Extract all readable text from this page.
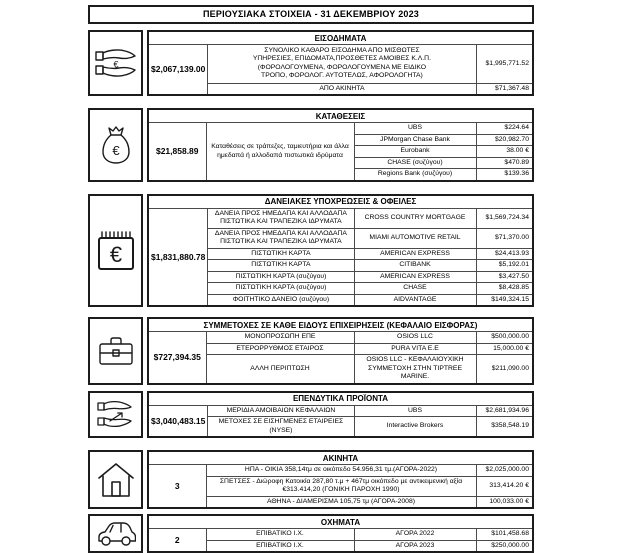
ΠΕΡΙΟΥΣΙΑΚΑ ΣΤΟΙΧΕΙΑ - 31 ΔΕΚΕΜΒΡΙΟΥ 2023
€
ΕΙΣΟΔΗΜΑΤΑ		
$2,067,139.00	ΣΥΝΟΛΙΚΟ ΚΑΘΑΡΟ ΕΙΣΟΔΗΜΑ ΑΠΟ ΜΙΣΘΩΤΕΣ ΥΠΗΡΕΣΙΕΣ, ΕΠΙΔΟΜΑΤΑ,ΠΡΟΣΘΕΤΕΣ ΑΜΟΙΒΕΣ Κ.Λ.Π.(ΦΟΡΟΛΟΓΟΥΜΕΝΑ, ΦΟΡΟΛΟΓΟΥΜΕΝΑ ΜΕ ΕΙΔΙΚΟ ΤΡΟΠΟ, ΦΟΡΟΛΟΓ. ΑΥΤΟΤΕΛΩΣ, ΑΦΟΡΟΛΟΓΗΤΑ)	$1,995,771.52
	ΑΠΟ ΑΚΙΝΗΤΑ	$71,367.48
€
ΚΑΤΑΘΕΣΕΙΣ			
$21,858.89	Καταθέσεις σε τράπεζες, ταμιευτήρια και άλλα ημεδαπά ή αλλοδαπά πιστωτικά ιδρύματα	UBS	$224.64
		JPMorgan Chase Bank	$20,982.70
		Eurobank	38.00 €
		CHASE (συζύγου)	$470.89
		Regions Bank (συζύγου)	$139.36
€
ΔΑΝΕΙΑΚΕΣ ΥΠΟΧΡΕΩΣΕΙΣ & ΟΦΕΙΛΕΣ			
$1,831,880.78	ΔΑΝΕΙΑ ΠΡΟΣ ΗΜΕΔΑΠΑ ΚΑΙ ΑΛΛΟΔΑΠΑ ΠΙΣΤΩΤΙΚΑ ΚΑΙ ΤΡΑΠΕΖΙΚΑ ΙΔΡΥΜΑΤΑ	CROSS COUNTRY MORTGAGE	$1,569,724.34
	ΔΑΝΕΙΑ ΠΡΟΣ ΗΜΕΔΑΠΑ ΚΑΙ ΑΛΛΟΔΑΠΑ ΠΙΣΤΩΤΙΚΑ ΚΑΙ ΤΡΑΠΕΖΙΚΑ ΙΔΡΥΜΑΤΑ	MIAMI AUTOMOTIVE RETAIL	$71,370.00
	ΠΙΣΤΩΤΙΚΗ ΚΑΡΤΑ	AMERICAN EXPRESS	$24,413.93
	ΠΙΣΤΩΤΙΚΗ ΚΑΡΤΑ	CITIBANK	$5,192.01
	ΠΙΣΤΩΤΙΚΗ ΚΑΡΤΑ (συζύγου)	AMERICAN EXPRESS	$3,427.50
	ΠΙΣΤΩΤΙΚΗ ΚΑΡΤΑ (συζύγου)	CHASE	$8,428.85
	ΦΟΙΤΗΤΙΚΟ ΔΑΝΕΙΟ (συζύγου)	AIDVANTAGE	$149,324.15
ΣΥΜΜΕΤΟΧΕΣ ΣΕ ΚΑΘΕ ΕΙΔΟΥΣ ΕΠΙΧΕΙΡΗΣΕΙΣ (ΚΕΦΑΛΑΙΟ ΕΙΣΦΟΡΑΣ)			
$727,394.35	ΜΟΝΟΠΡΟΣΩΠΗ ΕΠΕ	OSIOS LLC	$500,000.00
	ΕΤΕΡΟΡΡΥΘΜΟΣ ΕΤΑΙΡΟΣ	PURA VITA E.E	15,000.00 €
	ΑΛΛΗ ΠΕΡΙΠΤΩΣΗ	OSIOS LLC - ΚΕΦΑΛΑΙΟΥΧΙΚΗ ΣΥΜΜΕΤΟΧΗ ΣΤΗΝ TIPTREE MARINE.	$211,090.00
ΕΠΕΝΔΥΤΙΚΑ ΠΡΟΪΟΝΤΑ			
$3,040,483.15	ΜΕΡΙΔΙΑ ΑΜΟΙΒΑΙΩΝ ΚΕΦΑΛΑΙΩΝ	UBS	$2,681,934.96
	ΜΕΤΟΧΕΣ ΣΕ ΕΙΣΗΓΜΕΝΕΣ ΕΤΑΙΡΕΙΕΣ (NYSE)	Interactive Brokers	$358,548.19
ΑΚΙΝΗΤΑ		
3	ΗΠΑ - ΟΙΚΙΑ 358,14τμ σε οικόπεδο 54.956,31 τμ.(ΑΓΟΡΑ-2022)	$2,025,000.00
	ΣΠΕΤΣΕΣ - Διώροφη Κατοικία 287,80 τ.μ + 467τμ οικόπεδο με αντικειμενική αξία €313.414,20 (ΓΟΝΙΚΗ ΠΑΡΟΧΗ 1990)	313,414.20 €
	ΑΘΗΝΑ - ΔΙΑΜΕΡΙΣΜΑ 105,75 τμ (ΑΓΟΡΑ-2008)	100,033.00 €
ΟΧΗΜΑΤΑ			
2	ΕΠΙΒΑΤΙΚΟ Ι.Χ.	ΑΓΟΡΑ 2022	$101,458.68
	ΕΠΙΒΑΤΙΚΟ Ι.Χ.	ΑΓΟΡΑ 2023	$250,000.00
